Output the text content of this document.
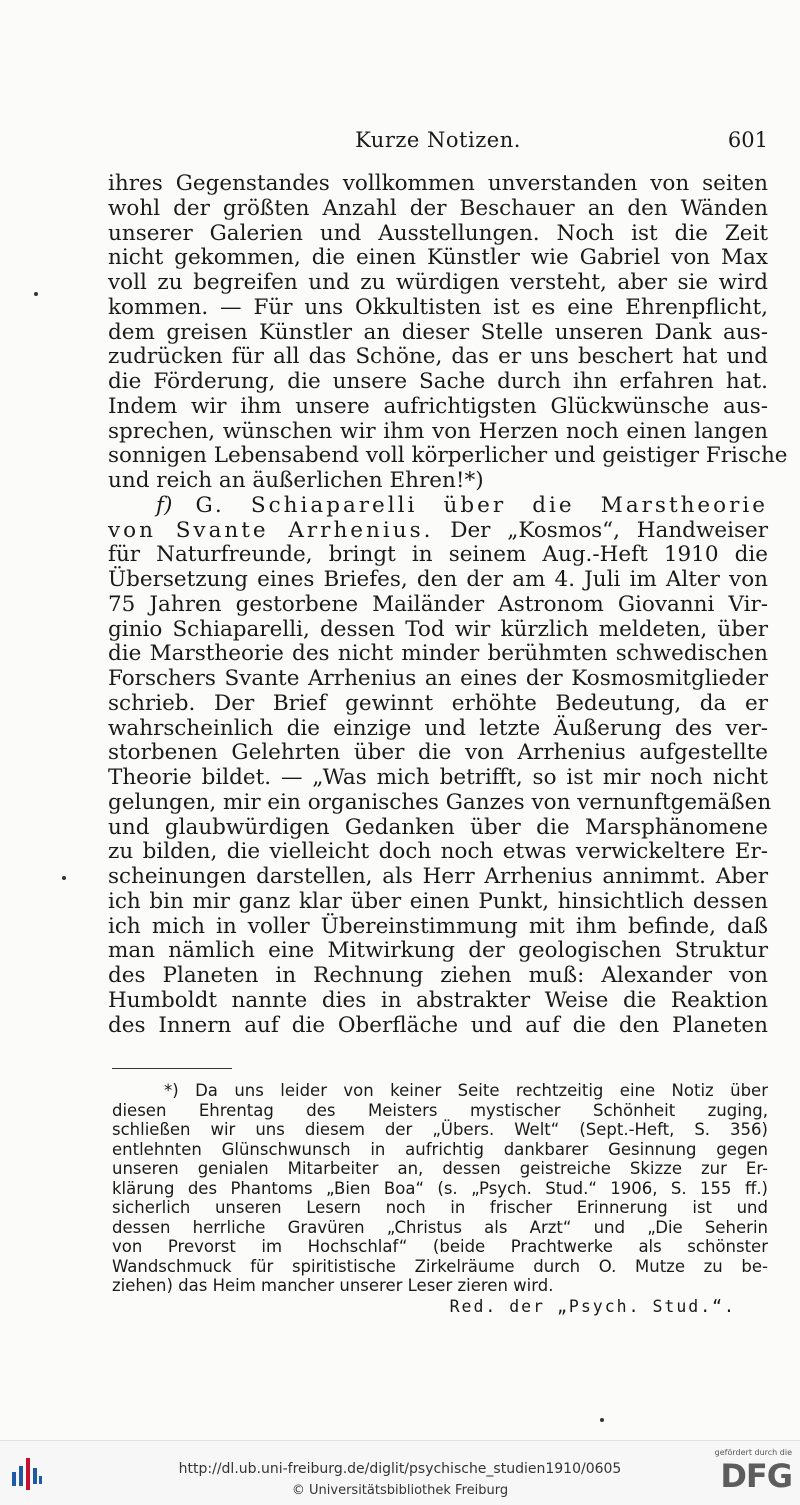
Kurze Notizen.	601
ihres Gegenstandes vollkommen unverstanden von seiten
wohl der größten Anzahl der Beschauer an den Wänden
unserer Galerien und Ausstellungen. Noch ist die Zeit
nicht gekommen, die einen Künstler wie Gabriel von Max
voll zu begreifen und zu würdigen versteht, aber sie wird
kommen. — Für uns Okkultisten ist es eine Ehrenpflicht,
dem greisen Künstler an dieser Stelle unseren Dank aus-
zudrücken für all das Schöne, das er uns beschert hat und
die Förderung, die unsere Sache durch ihn erfahren hat.
Indem wir ihm unsere aufrichtigsten Glückwünsche aus-
sprechen, wünschen wir ihm von Herzen noch einen langen
sonnigen Lebensabend voll körperlicher und geistiger Frische
und reich an äußerlichen Ehren!*)
f) G. Schiaparelli über die Marstheorie
von Svante Arrhenius. Der „Kosmos“, Handweiser
für Naturfreunde, bringt in seinem Aug.-Heft 1910 die
Übersetzung eines Briefes, den der am 4. Juli im Alter von
75 Jahren gestorbene Mailänder Astronom Giovanni Vir-
ginio Schiaparelli, dessen Tod wir kürzlich meldeten, über
die Marstheorie des nicht minder berühmten schwedischen
Forschers Svante Arrhenius an eines der Kosmosmitglieder
schrieb. Der Brief gewinnt erhöhte Bedeutung, da er
wahrscheinlich die einzige und letzte Äußerung des ver-
storbenen Gelehrten über die von Arrhenius aufgestellte
Theorie bildet. — „Was mich betrifft, so ist mir noch nicht
gelungen, mir ein organisches Ganzes von vernunftgemäßen
und glaubwürdigen Gedanken über die Marsphänomene
zu bilden, die vielleicht doch noch etwas verwickeltere Er-
scheinungen darstellen, als Herr Arrhenius annimmt. Aber
ich bin mir ganz klar über einen Punkt, hinsichtlich dessen
ich mich in voller Übereinstimmung mit ihm befinde, daß
man nämlich eine Mitwirkung der geologischen Struktur
des Planeten in Rechnung ziehen muß: Alexander von
Humboldt nannte dies in abstrakter Weise die Reaktion
des Innern auf die Oberfläche und auf die den Planeten
*) Da uns leider von keiner Seite rechtzeitig eine Notiz über
diesen Ehrentag des Meisters mystischer Schönheit zuging,
schließen wir uns diesem der „Übers. Welt“ (Sept.-Heft, S. 356)
entlehnten Glünschwunsch in aufrichtig dankbarer Gesinnung gegen
unseren genialen Mitarbeiter an, dessen geistreiche Skizze zur Er-
klärung des Phantoms „Bien Boa“ (s. „Psych. Stud.“ 1906, S. 155 ff.)
sicherlich unseren Lesern noch in frischer Erinnerung ist und
dessen herrliche Gravüren „Christus als Arzt“ und „Die Seherin
von Prevorst im Hochschlaf“ (beide Prachtwerke als schönster
Wandschmuck für spiritistische Zirkelräume durch O. Mutze zu be-
ziehen) das Heim mancher unserer Leser zieren wird.
Red. der „Psych. Stud.“.
http://dl.ub.uni-freiburg.de/diglit/psychische_studien1910/0605
© Universitätsbibliothek Freiburg
gefördert durch die
DFG
